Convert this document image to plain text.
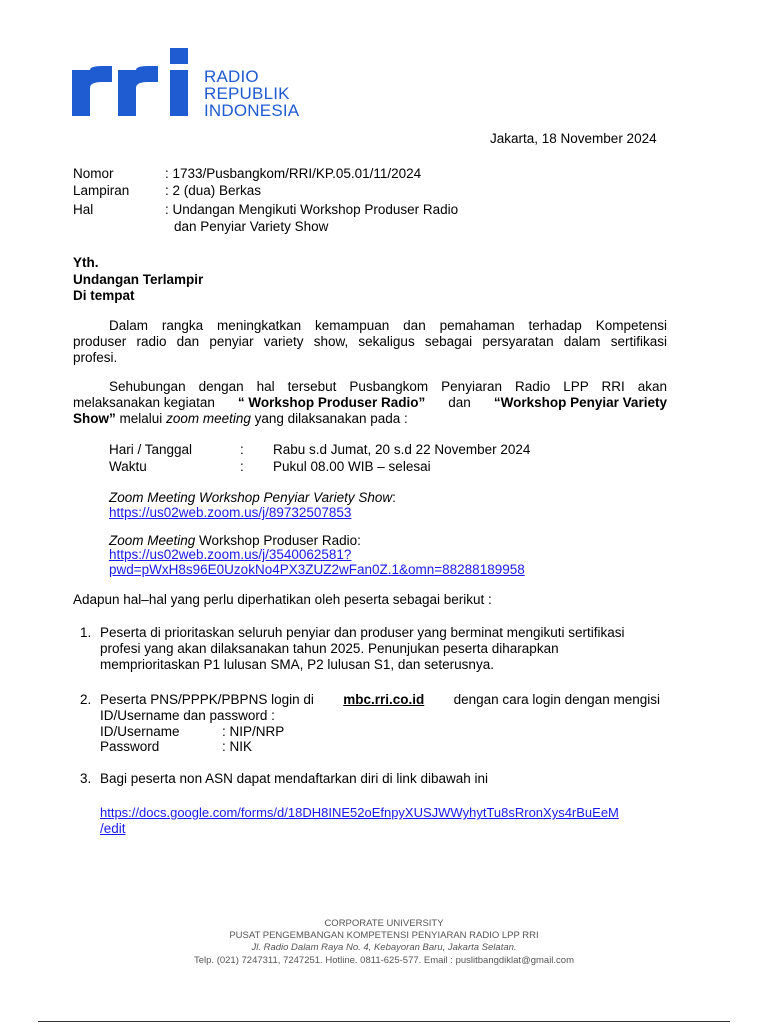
RADIO
REPUBLIK
INDONESIA
Jakarta, 18 November 2024
Nomor	: 1733/Pusbangkom/RRI/KP.05.01/11/2024
Lampiran	: 2 (dua) Berkas
Hal	: Undangan Mengikuti Workshop Produser Radio
dan Penyiar Variety Show
Yth.
Undangan Terlampir
Di tempat
Dalam rangka meningkatkan kemampuan dan pemahaman terhadap Kompetensi
produser radio dan penyiar variety show, sekaligus sebagai persyaratan dalam sertifikasi
profesi.
Sehubungan dengan hal tersebut Pusbangkom Penyiaran Radio LPP RRI akan
melaksanakan kegiatan “ Workshop Produser Radio” dan “Workshop Penyiar Variety
Show” melalui zoom meeting yang dilaksanakan pada :
Hari / Tanggal	: Rabu s.d Jumat, 20 s.d 22 November 2024
Waktu	: Pukul 08.00 WIB – selesai
Zoom Meeting Workshop Penyiar Variety Show:
https://us02web.zoom.us/j/89732507853
Zoom Meeting Workshop Produser Radio:
https://us02web.zoom.us/j/3540062581?
pwd=pWxH8s96E0UzokNo4PX3ZUZ2wFan0Z.1&omn=88288189958
Adapun hal–hal yang perlu diperhatikan oleh peserta sebagai berikut :
1. Peserta di prioritaskan seluruh penyiar dan produser yang berminat mengikuti sertifikasi
profesi yang akan dilaksanakan tahun 2025. Penunjukan peserta diharapkan
memprioritaskan P1 lulusan SMA, P2 lulusan S1, dan seterusnya.
2. Peserta PNS/PPPK/PBPNS login di mbc.rri.co.id dengan cara login dengan mengisi
ID/Username dan password :
ID/Username	: NIP/NRP
Password	: NIK
3. Bagi peserta non ASN dapat mendaftarkan diri di link dibawah ini
https://docs.google.com/forms/d/18DH8INE52oEfnpyXUSJWWyhytTu8sRronXys4rBuEeM
/edit
CORPORATE UNIVERSITY
PUSAT PENGEMBANGAN KOMPETENSI PENYIARAN RADIO LPP RRI
Jl. Radio Dalam Raya No. 4, Kebayoran Baru, Jakarta Selatan.
Telp. (021) 7247311, 7247251. Hotline. 0811-625-577. Email : puslitbangdiklat@gmail.com
